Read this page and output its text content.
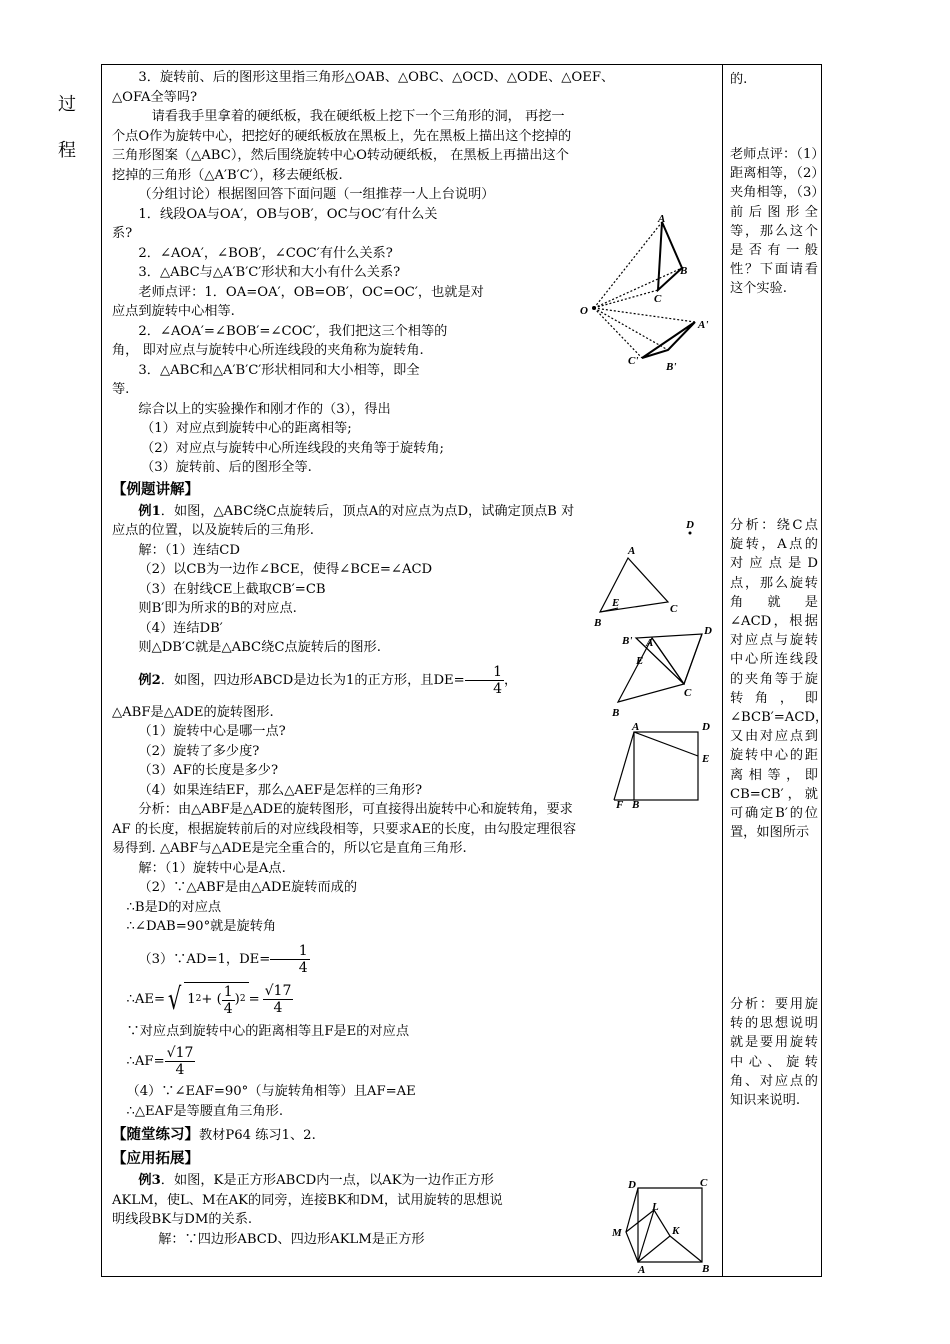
过
程

3．旋转前、后的图形这里指三角形△OAB、△OBC、△OCD、△ODE、△OEF、

△OFA全等吗?

请看我手里拿着的硬纸板，我在硬纸板上挖下一个三角形的洞， 再挖一

个点O作为旋转中心，把挖好的硬纸板放在黑板上，先在黑板上描出这个挖掉的

三角形图案（△ABC），然后围绕旋转中心O转动硬纸板， 在黑板上再描出这个

挖掉的三角形（△A′B′C′），移去硬纸板.

（分组讨论）根据图回答下面问题（一组推荐一人上台说明）

1．线段OA与OA′，OB与OB′，OC与OC′有什么关

系?

2．∠AOA′，∠BOB′，∠COC′有什么关系?

3．△ABC与△A′B′C′形状和大小有什么关系?

老师点评：1．OA=OA′，OB=OB′，OC=OC′，也就是对

应点到旋转中心相等.

2．∠AOA′=∠BOB′=∠COC′，我们把这三个相等的

角， 即对应点与旋转中心所连线段的夹角称为旋转角.

3．△ABC和△A′B′C′形状相同和大小相等，即全

等.

综合以上的实验操作和刚才作的（3），得出

（1）对应点到旋转中心的距离相等;

（2）对应点与旋转中心所连线段的夹角等于旋转角;

（3）旋转前、后的图形全等.

【例题讲解】

例1．如图，△ABC绕C点旋转后，顶点A的对应点为点D，试确定顶点B 对

应点的位置，以及旋转后的三角形.

解：（1）连结CD

（2）以CB为一边作∠BCE，使得∠BCE=∠ACD

（3）在射线CE上截取CB′=CB

则B′即为所求的B的对应点.

（4）连结DB′

则△DB′C就是△ABC绕C点旋转后的图形.

例2．如图，四边形ABCD是边长为1的正方形，且$DE= \frac{1}{4}$ ，

△ABF是△ADE的旋转图形.

（1）旋转中心是哪一点?

（2）旋转了多少度?

（3）AF的长度是多少?

（4）如果连结EF，那么△AEF是怎样的三角形?

分析：由△ABF是△ADE的旋转图形，可直接得出旋转中心和旋转角，要求

AF 的长度，根据旋转前后的对应线段相等，只要求AE的长度，由勾股定理很容

易得到. △ABF与△ADE是完全重合的，所以它是直角三角形.

解：（1）旋转中心是A点.

（2）∵△ABF是由△ADE旋转而成的

∴B是D的对应点

∴∠DAB=90°就是旋转角

（3）∵AD=1，$DE= \frac{1}{4}$

∴AE= √ 1 2 + ( $\frac{1}{4}$ ) $2 = \frac{√17}{4}$

∵对应点到旋转中心的距离相等且F是E的对应点

∴AF= $\frac{√17}{4}$

（4）∵∠EAF=90°（与旋转角相等）且AF=AE

∴△EAF是等腰直角三角形.

【随堂练习】教材P64 练习1、2.

【应用拓展】

例3．如图，K是正方形ABCD内一点，以AK为一边作正方形

AKLM，使L、M在AK的同旁，连接BK和DM，试用旋转的思想说

明线段BK与DM的关系.

解：∵四边形ABCD、四边形AKLM是正方形

的.
老师点评：（1）距离相等，（2）夹角相等，（3）前后图形全等，那么这个是否有一般性？下面请看这个实验.
分析：绕C点旋转，A点的对应点是D点，那么旋转角就是∠ACD，根据对应点与旋转中心所连线段的夹角等于旋转角，即∠BCB′=ACD，又由对应点到旋转中心的距离相等，即CB=CB′，就可确定B′的位置，如图所示
分析：要用旋转的思想说明就是要用旋转中心、旋转角、对应点的知识来说明.
A
B
C
O
A'
C'	B'
D
A
B
C
E
B' A
D
B
C
E
A	D
E
B
F
D	C
L
M	K
A	B
